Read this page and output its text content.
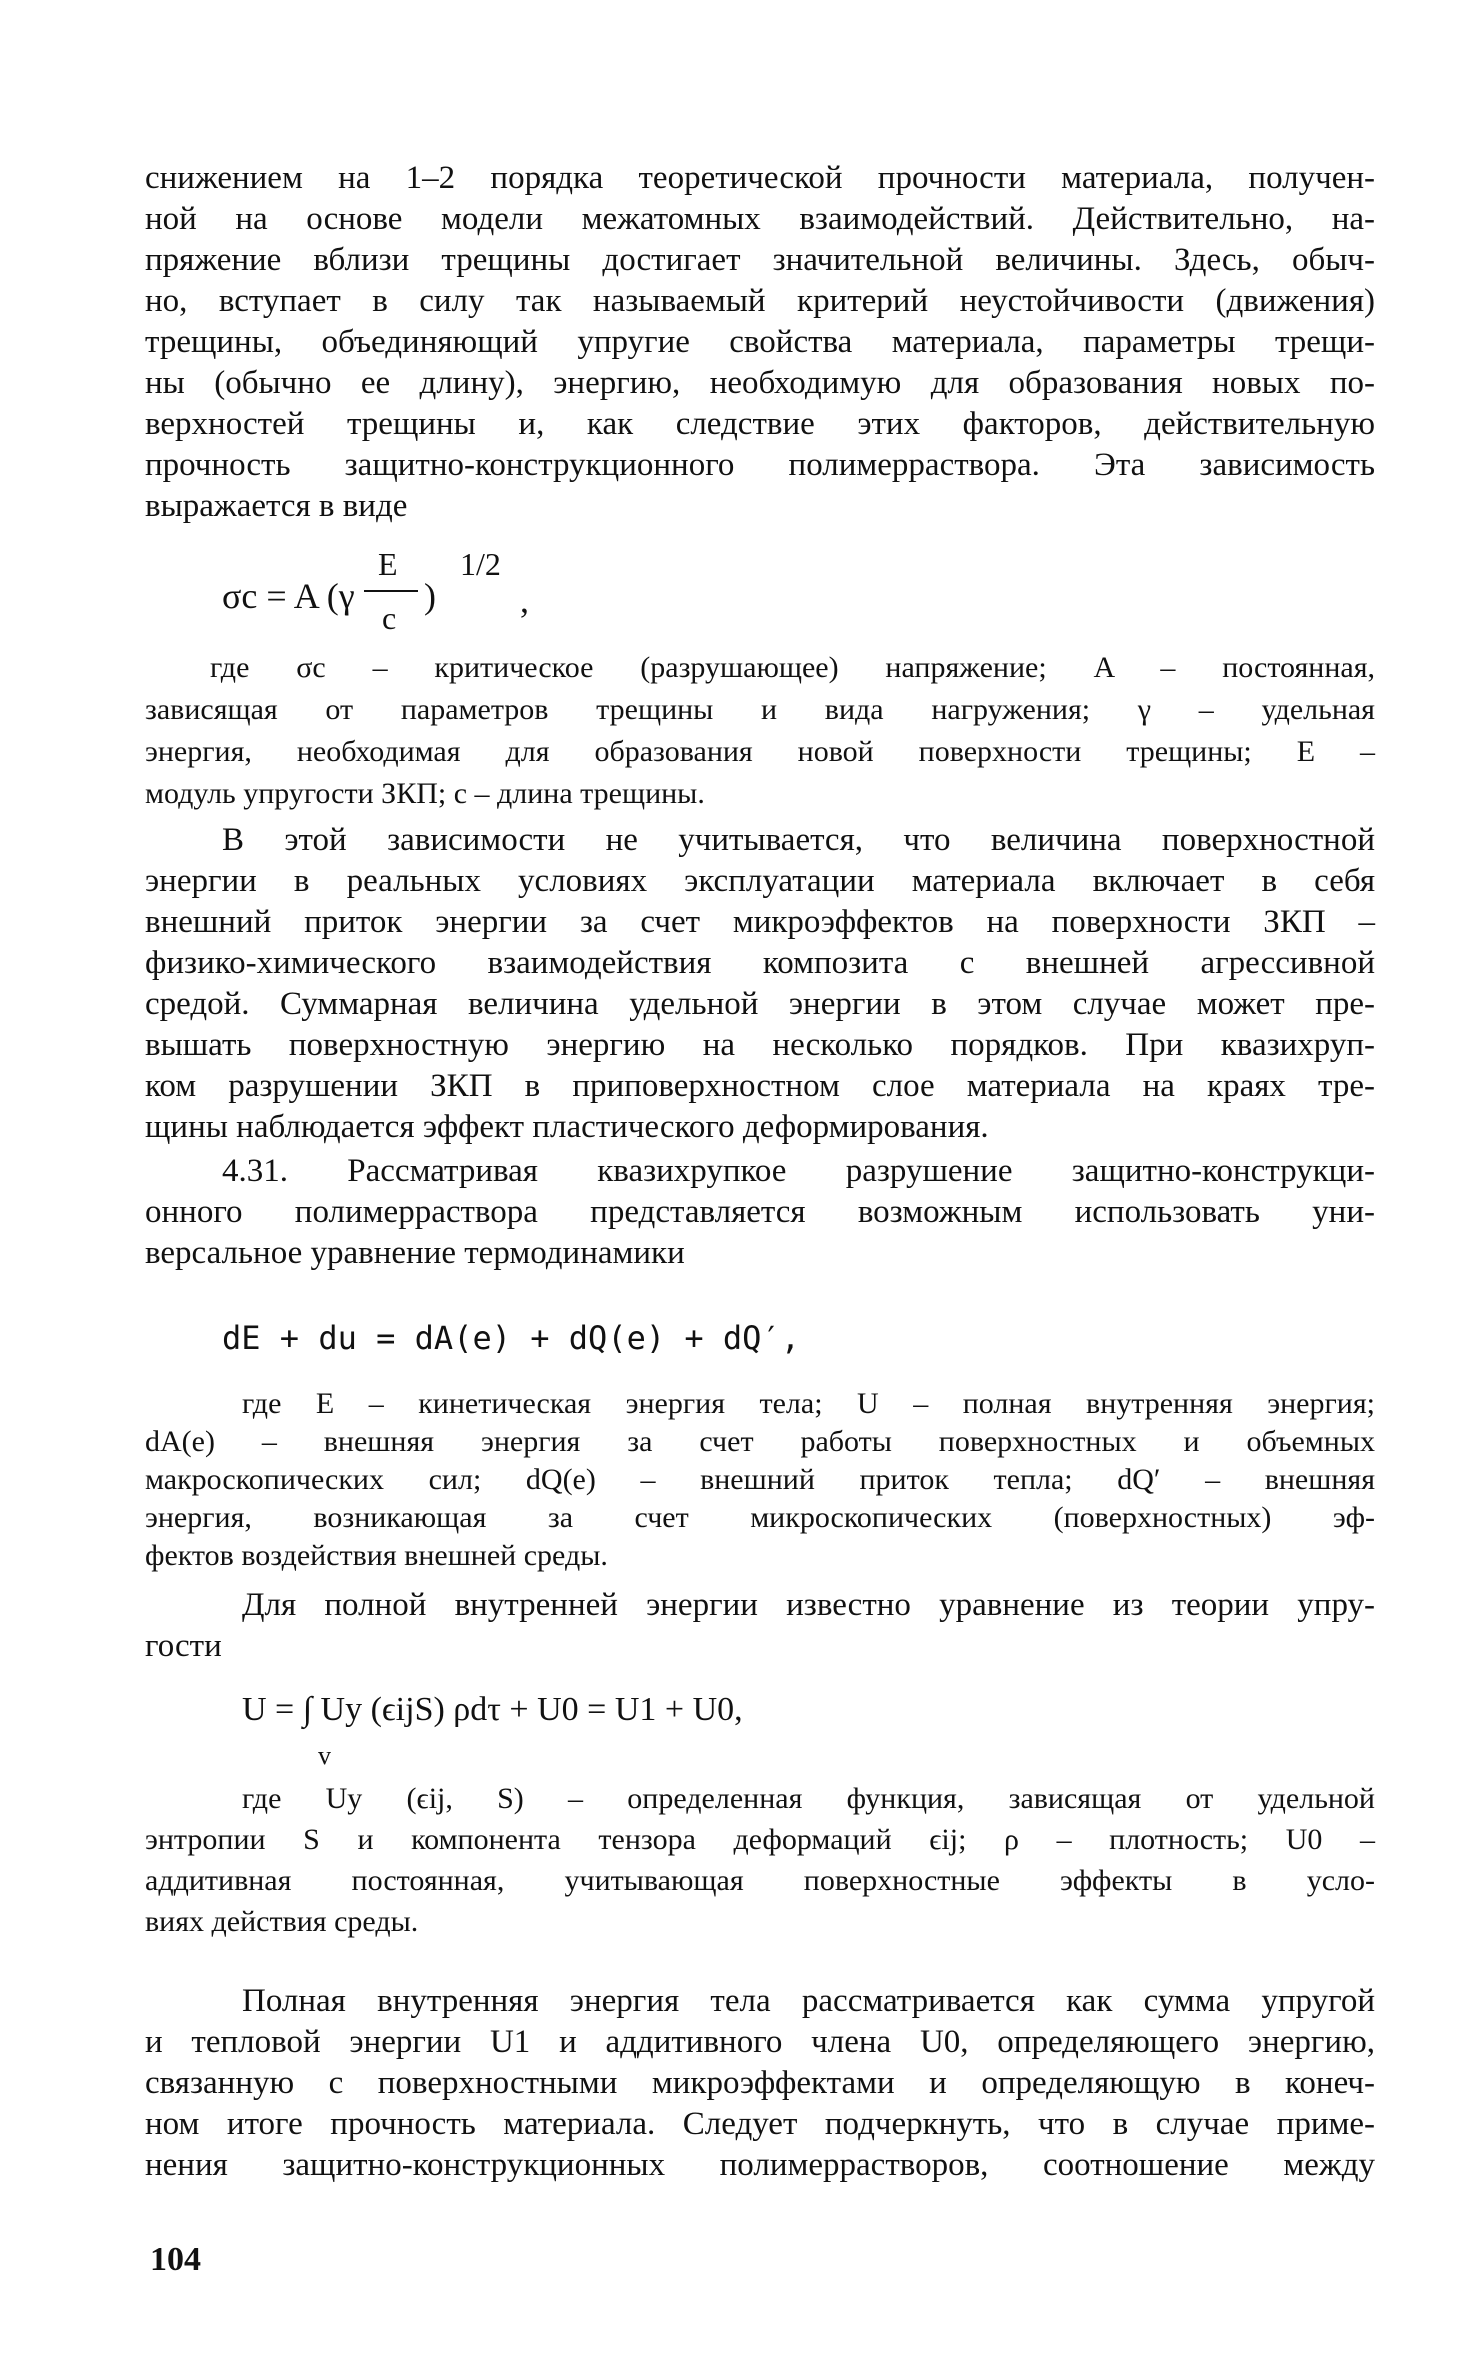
снижением на 1–2 порядка теоретической прочности материала, получен-
ной на основе модели межатомных взаимодействий. Действительно, на-
пряжение вблизи трещины достигает значительной величины. Здесь, обыч-
но, вступает в силу так называемый критерий неустойчивости (движения)
трещины, объединяющий упругие свойства материала, параметры трещи-
ны (обычно ее длину), энергию, необходимую для образования новых по-
верхностей трещины и, как следствие этих факторов, действительную
прочность защитно-конструкционного полимерраствора. Эта зависимость
выражается в виде
σc = A (γ
E
c
)
1/2
,
где σc – критическое (разрушающее) напряжение; A – постоянная,
зависящая от параметров трещины и вида нагружения; γ – удельная
энергия, необходимая для образования новой поверхности трещины; E –
модуль упругости ЗКП; c – длина трещины.
В этой зависимости не учитывается, что величина поверхностной
энергии в реальных условиях эксплуатации материала включает в себя
внешний приток энергии за счет микроэффектов на поверхности ЗКП –
физико-химического взаимодействия композита с внешней агрессивной
средой. Суммарная величина удельной энергии в этом случае может пре-
вышать поверхностную энергию на несколько порядков. При квазихруп-
ком разрушении ЗКП в приповерхностном слое материала на краях тре-
щины наблюдается эффект пластического деформирования.
4.31. Рассматривая квазихрупкое разрушение защитно-конструкци-
онного полимерраствора представляется возможным использовать уни-
версальное уравнение термодинамики
dE + du = dA(e) + dQ(e) + dQ′,
где E – кинетическая энергия тела; U – полная внутренняя энергия;
dA(e) – внешняя энергия за счет работы поверхностных и объемных
макроскопических сил; dQ(e) – внешний приток тепла; dQ′ – внешняя
энергия, возникающая за счет микроскопических (поверхностных) эф-
фектов воздействия внешней среды.
Для полной внутренней энергии известно уравнение из теории упру-
гости
U = ∫ Uy (ϵijS) ρdτ + U0 = U1 + U0,
v
где Uy (ϵij, S) – определенная функция, зависящая от удельной
энтропии S и компонента тензора деформаций ϵij; ρ – плотность; U0 –
аддитивная постоянная, учитывающая поверхностные эффекты в усло-
виях действия среды.
Полная внутренняя энергия тела рассматривается как сумма упругой
и тепловой энергии U1 и аддитивного члена U0, определяющего энергию,
связанную с поверхностными микроэффектами и определяющую в конеч-
ном итоге прочность материала. Следует подчеркнуть, что в случае приме-
нения защитно-конструкционных полимеррастворов, соотношение между
104
